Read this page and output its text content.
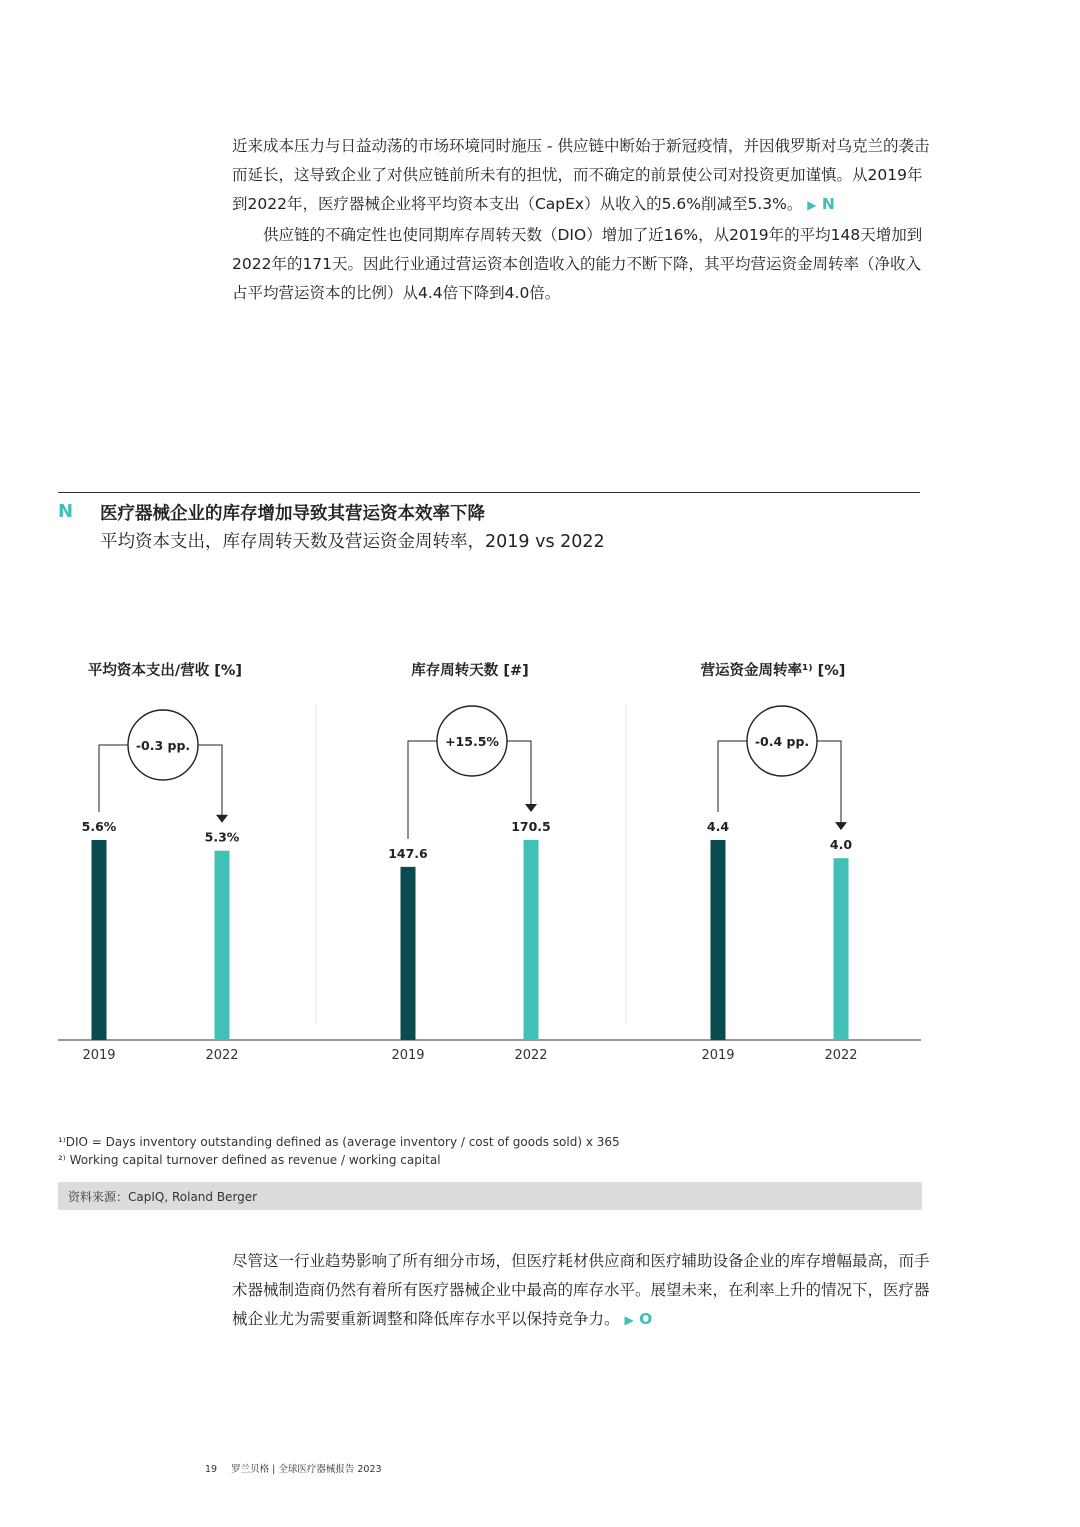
近来成本压力与日益动荡的市场环境同时施压 - 供应链中断始于新冠疫情，并因俄罗斯对乌克兰的袭击而延长，这导致企业了对供应链前所未有的担忧，而不确定的前景使公司对投资更加谨慎。从2019年到2022年，医疗器械企业将平均资本支出（CapEx）从收入的5.6%削减至5.3%。 ▶ N

供应链的不确定性也使同期库存周转天数（DIO）增加了近16%，从2019年的平均148天增加到2022年的171天。因此行业通过营运资本创造收入的能力不断下降，其平均营运资金周转率（净收入占平均营运资本的比例）从4.4倍下降到4.0倍。

N 医疗器械企业的库存增加导致其营运资本效率下降
平均资本支出，库存周转天数及营运资金周转率，2019 vs 2022
平均资本支出/营收 [%]
5.6%
2019
5.3%
2022
-0.3 pp.
库存周转天数 [#]
147.6
2019
170.5
2022
+15.5%
营运资金周转率¹⁾ [%]
4.4
2019
4.0
2022
-0.4 pp.
¹⁾DIO = Days inventory outstanding defined as (average inventory / cost of goods sold) x 365
²⁾ Working capital turnover defined as revenue / working capital
资料来源：CapIQ, Roland Berger

尽管这一行业趋势影响了所有细分市场，但医疗耗材供应商和医疗辅助设备企业的库存增幅最高，而手术器械制造商仍然有着所有医疗器械企业中最高的库存水平。展望未来，在利率上升的情况下，医疗器械企业尤为需要重新调整和降低库存水平以保持竞争力。 ▶ O

19 罗兰贝格 | 全球医疗器械报告 2023
